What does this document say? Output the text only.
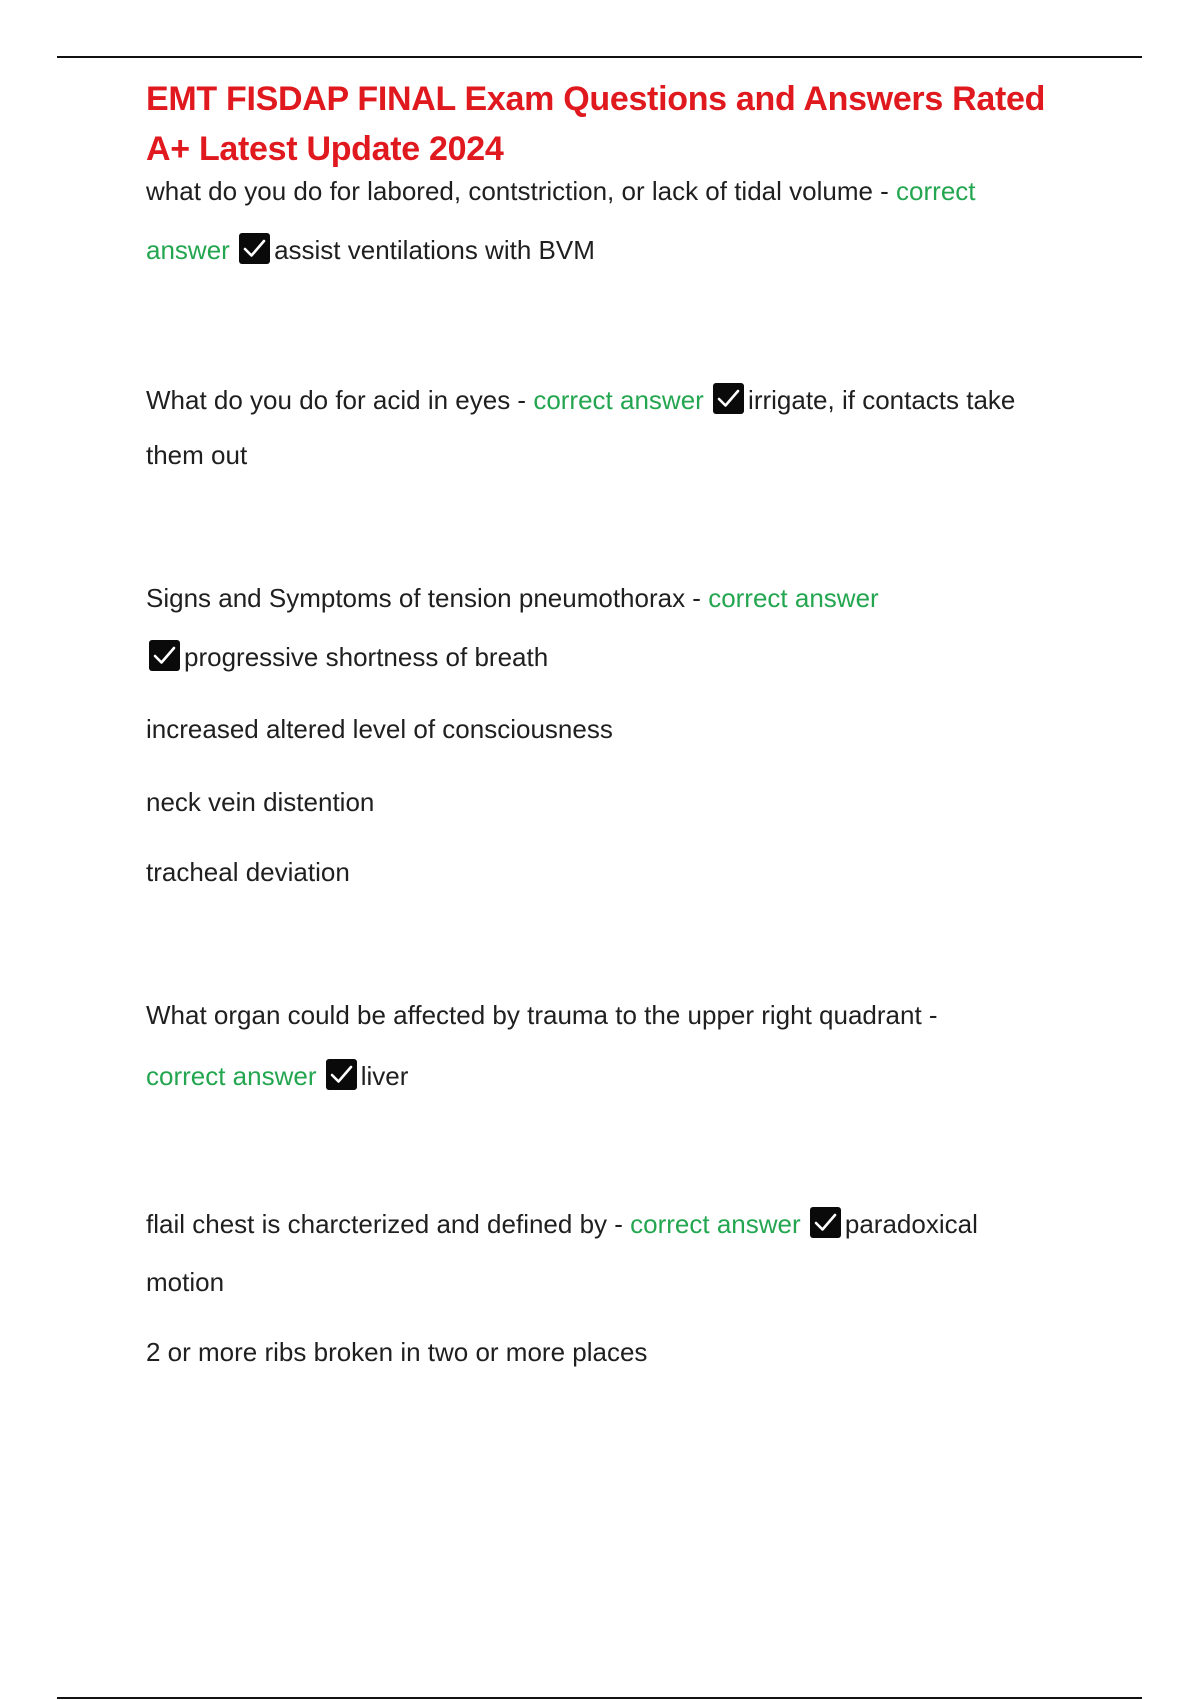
EMT FISDAP FINAL Exam Questions and Answers Rated A+ Latest Update 2024
what do you do for labored, contstriction, or lack of tidal volume - correct
answer assist ventilations with BVM
What do you do for acid in eyes - correct answer irrigate, if contacts take
them out
Signs and Symptoms of tension pneumothorax - correct answer
progressive shortness of breath
increased altered level of consciousness
neck vein distention
tracheal deviation
What organ could be affected by trauma to the upper right quadrant -
correct answer liver
flail chest is charcterized and defined by - correct answer paradoxical
motion
2 or more ribs broken in two or more places
